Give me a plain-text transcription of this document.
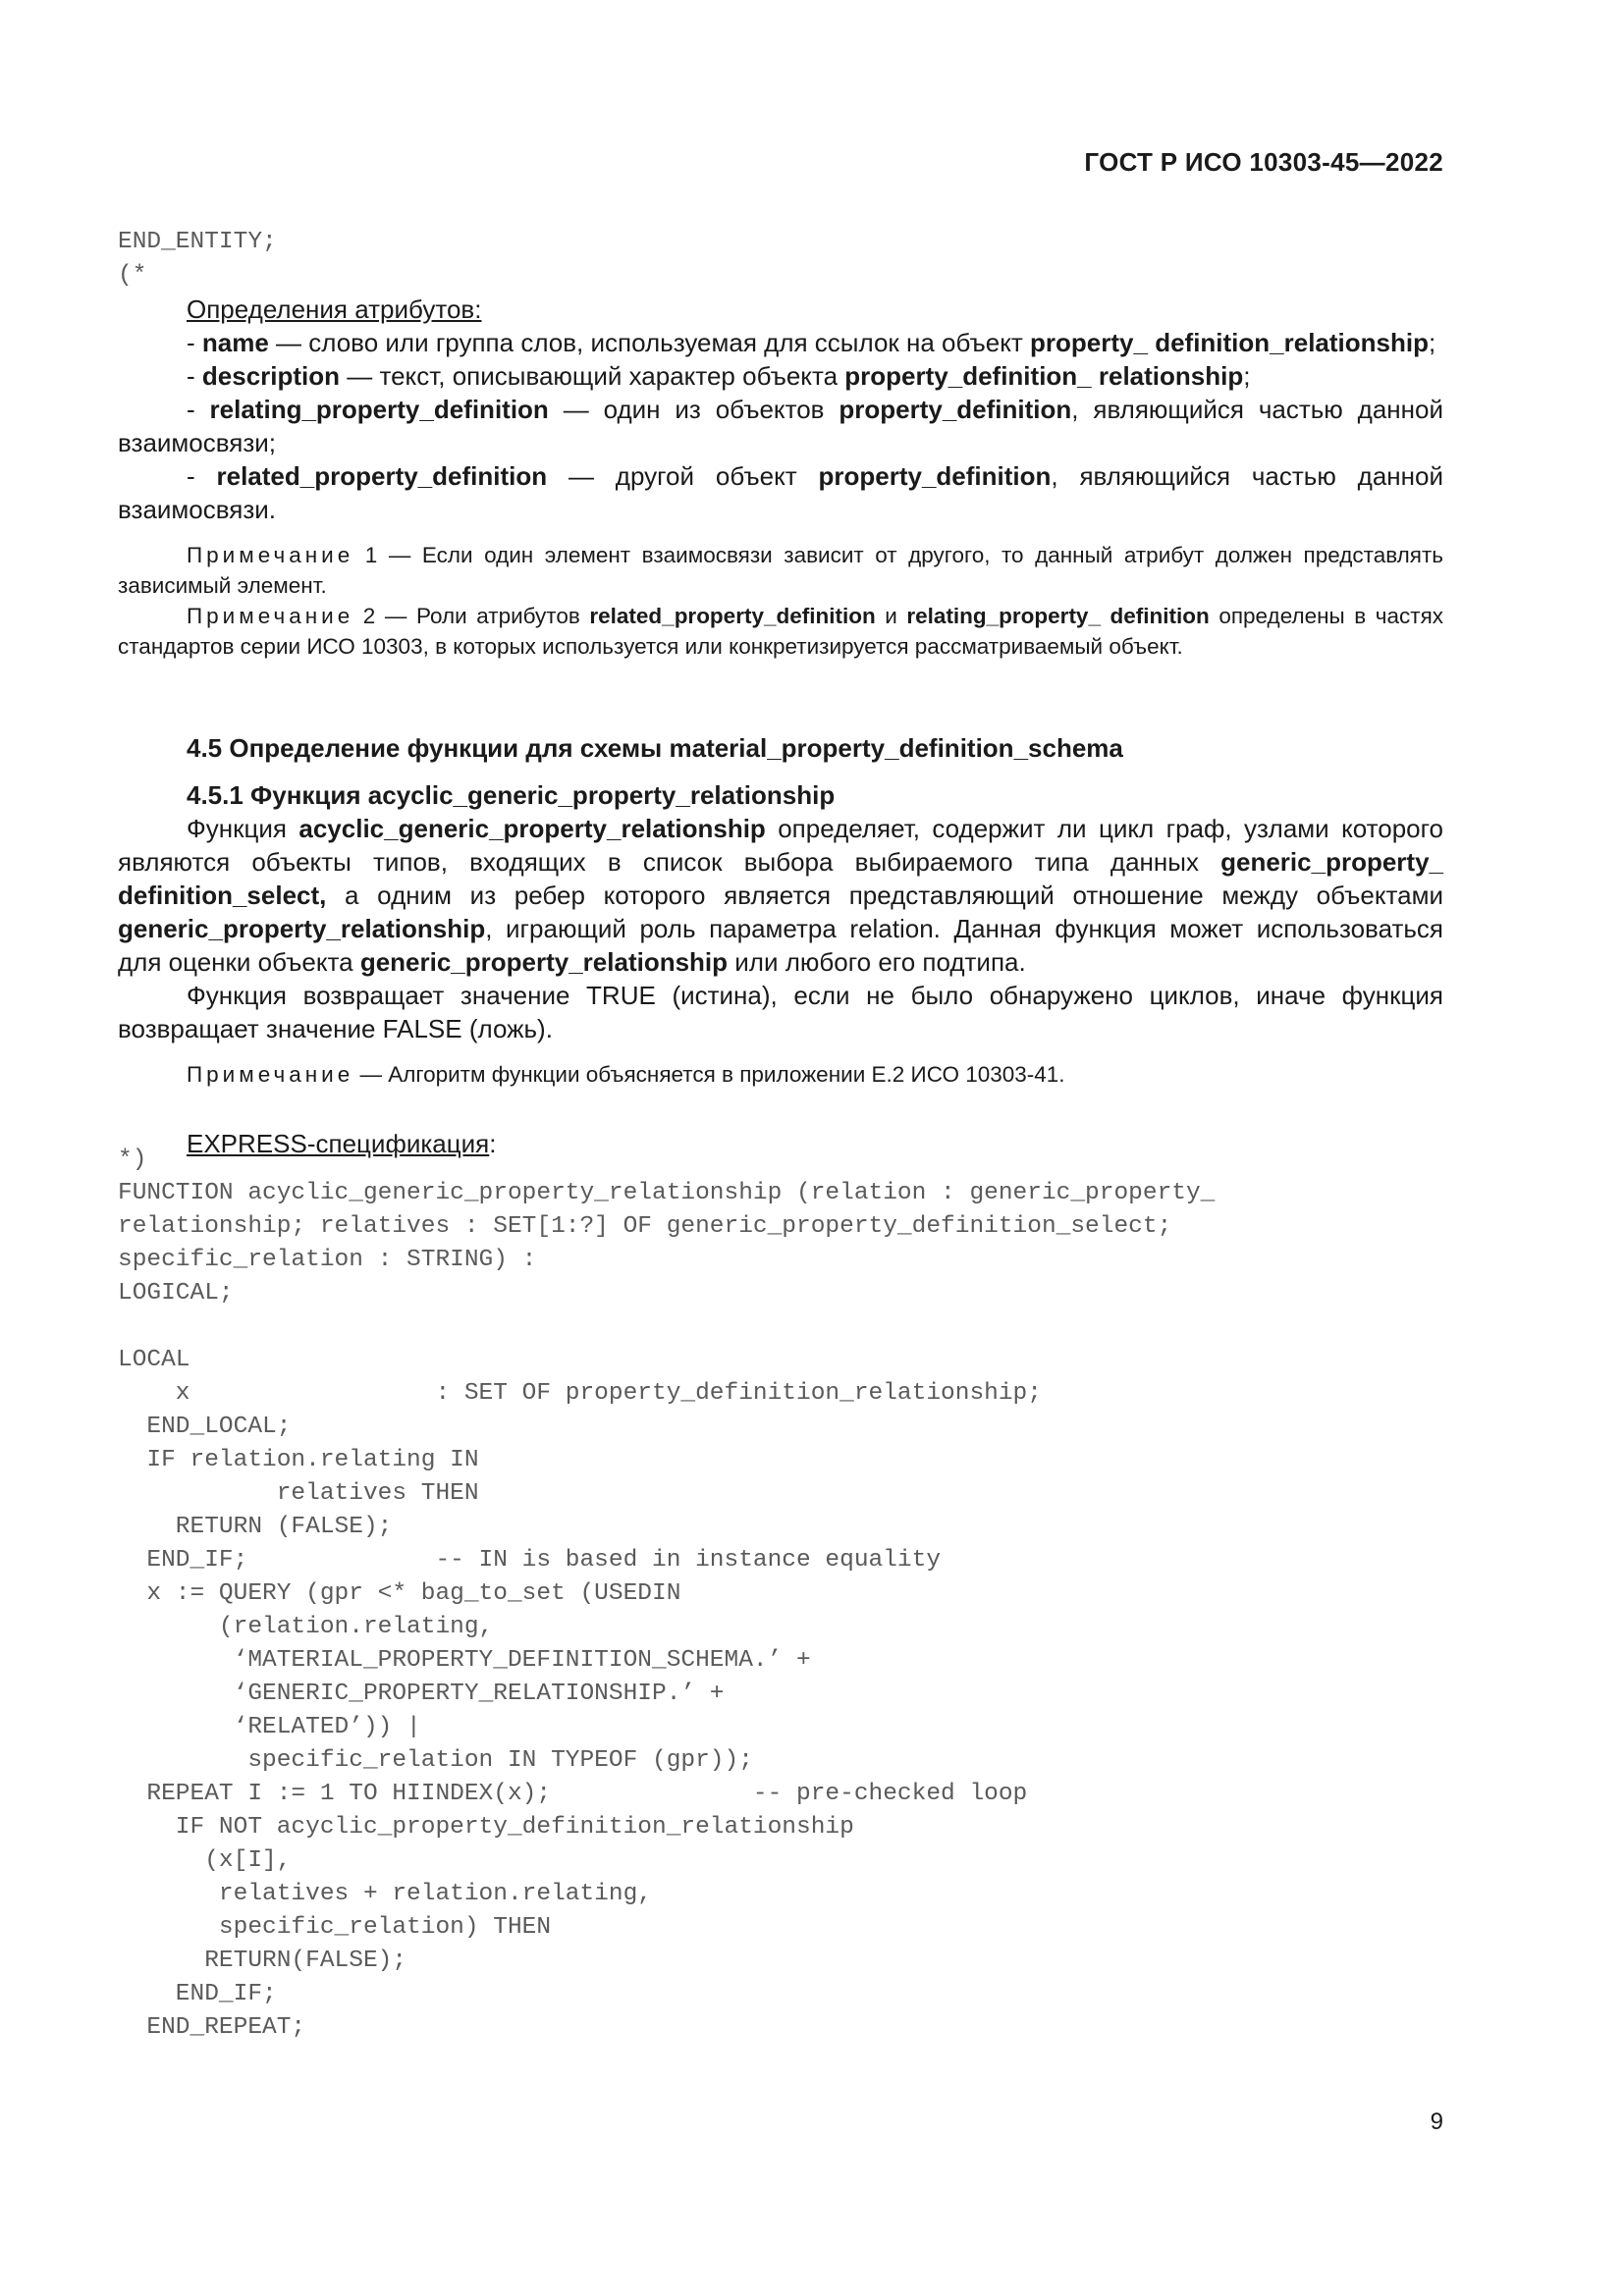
ГОСТ Р ИСО 10303-45—2022
END_ENTITY;
(*

Определения атрибутов:

- name — слово или группа слов, используемая для ссылок на объект property_ definition_relationship;

- description — текст, описывающий характер объекта property_definition_ relationship;

- relating_property_definition — один из объектов property_definition, являющийся частью данной взаимосвязи;

- related_property_definition — другой объект property_definition, являющийся частью данной взаимосвязи.

Примечание 1 — Если один элемент взаимосвязи зависит от другого, то данный атрибут должен представлять зависимый элемент.

Примечание 2 — Роли атрибутов related_property_definition и relating_property_ definition определены в частях стандартов серии ИСО 10303, в которых используется или конкретизируется рассматриваемый объект.

4.5 Определение функции для схемы material_property_definition_schema

4.5.1 Функция acyclic_generic_property_relationship

Функция acyclic_generic_property_relationship определяет, содержит ли цикл граф, узлами которого являются объекты типов, входящих в список выбора выбираемого типа данных generic_property_ definition_select, а одним из ребер которого является представляющий отношение между объектами generic_property_relationship, играющий роль параметра relation. Данная функция может использоваться для оценки объекта generic_property_relationship или любого его подтипа.

Функция возвращает значение TRUE (истина), если не было обнаружено циклов, иначе функция возвращает значение FALSE (ложь).

Примечание — Алгоритм функции объясняется в приложении Е.2 ИСО 10303-41.

EXPRESS-спецификация:

*)
FUNCTION acyclic_generic_property_relationship (relation : generic_property_
relationship; relatives : SET[1:?] OF generic_property_definition_select;
specific_relation : STRING) :
LOGICAL;

LOCAL
x                 : SET OF property_definition_relationship;
END_LOCAL;
IF relation.relating IN
relatives THEN
RETURN (FALSE);
END_IF;             -- IN is based in instance equality
x := QUERY (gpr <* bag_to_set (USEDIN
(relation.relating,
‘MATERIAL_PROPERTY_DEFINITION_SCHEMA.’ +
‘GENERIC_PROPERTY_RELATIONSHIP.’ +
‘RELATED’)) |
specific_relation IN TYPEOF (gpr));
REPEAT I := 1 TO HIINDEX(x);              -- pre-checked loop
IF NOT acyclic_property_definition_relationship
(x[I],
relatives + relation.relating,
specific_relation) THEN
RETURN(FALSE);
END_IF;
END_REPEAT;
9
